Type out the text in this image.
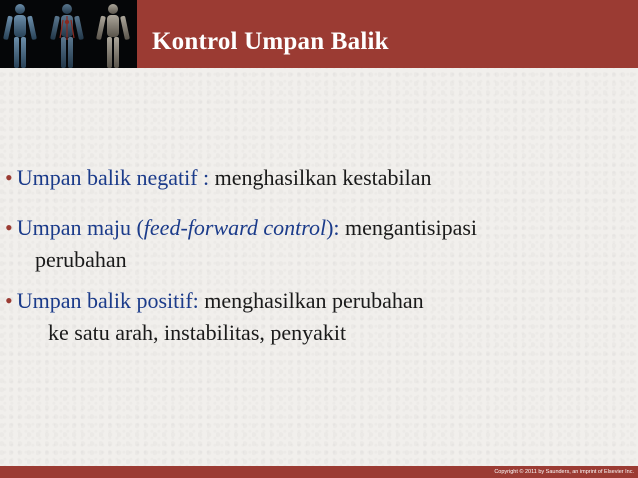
Kontrol Umpan Balik
• Umpan balik negatif : menghasilkan kestabilan
• Umpan maju (feed-forward control): mengantisipasi
perubahan
• Umpan balik positif: menghasilkan perubahan
ke satu arah, instabilitas, penyakit
Copyright © 2011 by Saunders, an imprint of Elsevier Inc.
